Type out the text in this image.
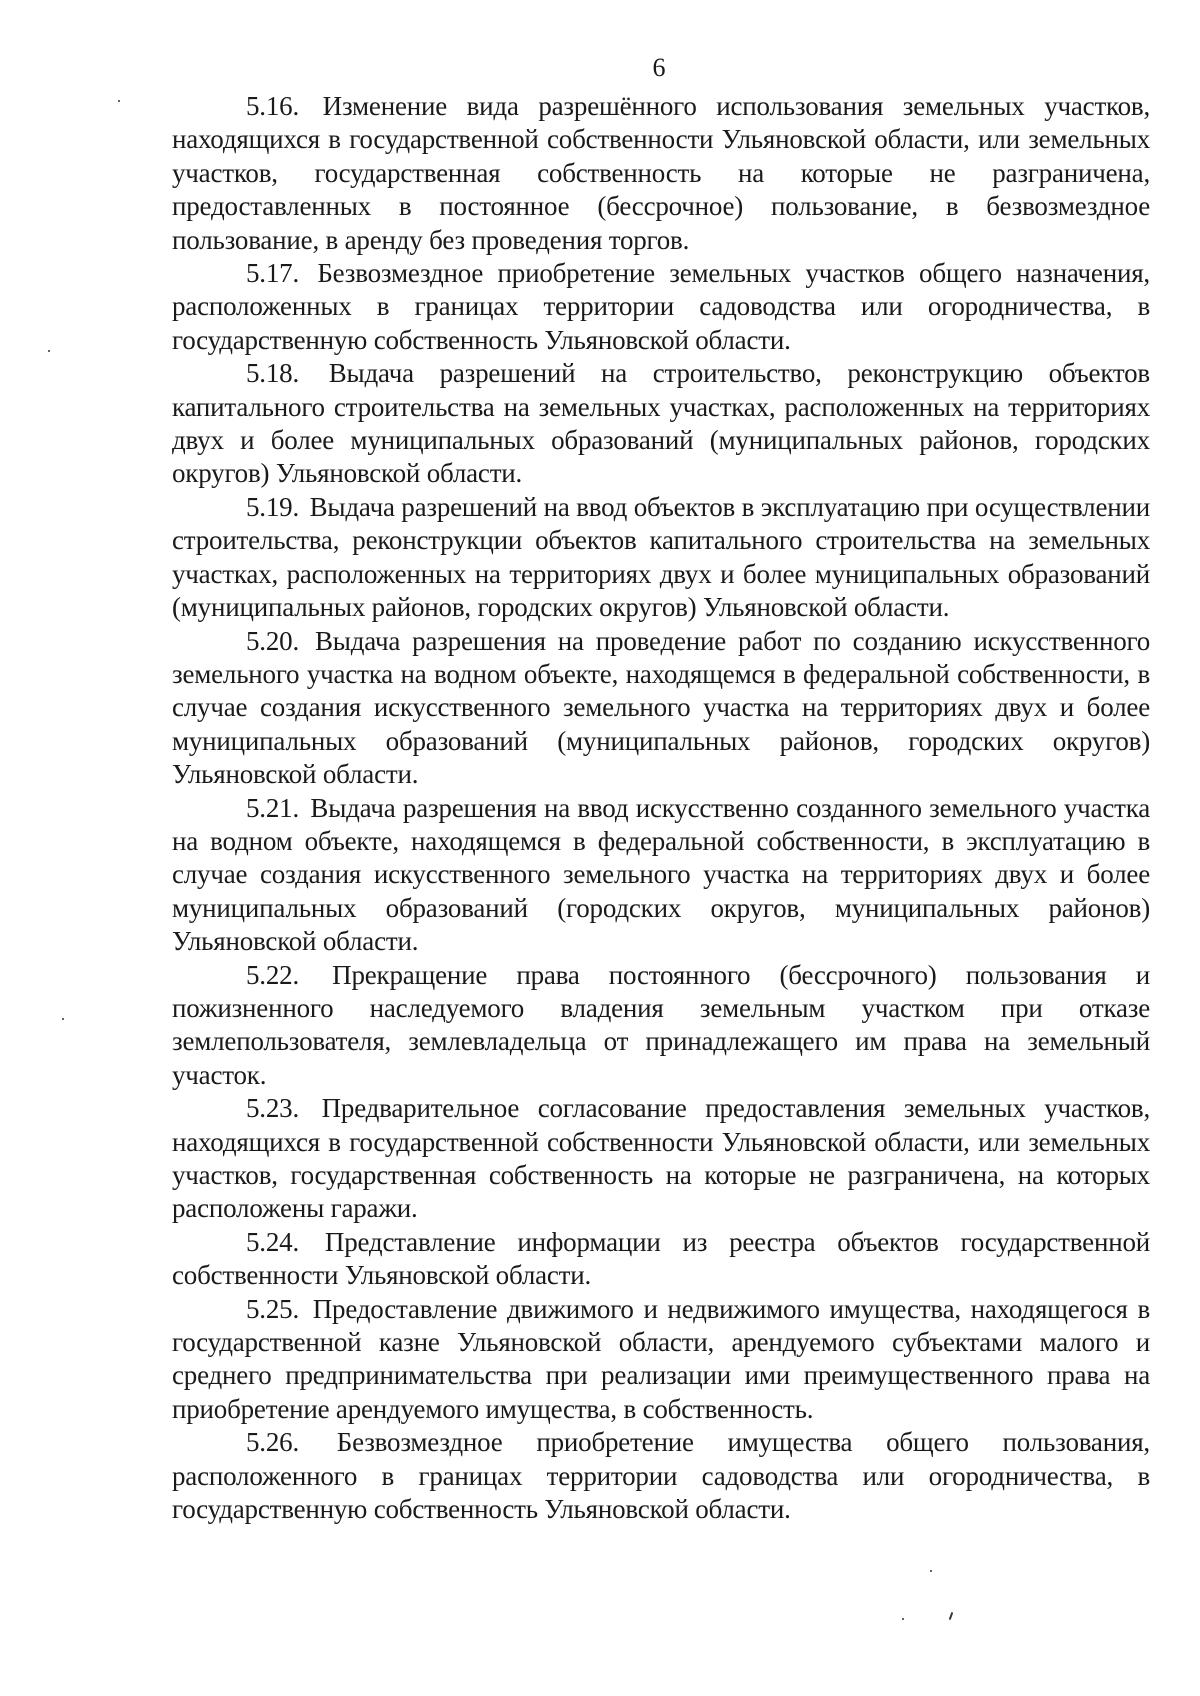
6

5.16. Изменение вида разрешённого использования земельных участков, находящихся в государственной собственности Ульяновской области, или земельных участков, государственная собственность на которые не разграничена, предоставленных в постоянное (бессрочное) пользование, в безвозмездное пользование, в аренду без проведения торгов.

5.17. Безвозмездное приобретение земельных участков общего назначения, расположенных в границах территории садоводства или огородничества, в государственную собственность Ульяновской области.

5.18. Выдача разрешений на строительство, реконструкцию объектов капитального строительства на земельных участках, расположенных на территориях двух и более муниципальных образований (муниципальных районов, городских округов) Ульяновской области.

5.19. Выдача разрешений на ввод объектов в эксплуатацию при осуществлении строительства, реконструкции объектов капитального строительства на земельных участках, расположенных на территориях двух и более муниципальных образований (муниципальных районов, городских округов) Ульяновской области.

5.20. Выдача разрешения на проведение работ по созданию искусственного земельного участка на водном объекте, находящемся в федеральной собственности, в случае создания искусственного земельного участка на территориях двух и более муниципальных образований (муниципальных районов, городских округов) Ульяновской области.

5.21. Выдача разрешения на ввод искусственно созданного земельного участка на водном объекте, находящемся в федеральной собственности, в эксплуатацию в случае создания искусственного земельного участка на территориях двух и более муниципальных образований (городских округов, муниципальных районов) Ульяновской области.

5.22. Прекращение права постоянного (бессрочного) пользования и пожизненного наследуемого владения земельным участком при отказе землепользователя, землевладельца от принадлежащего им права на земельный участок.

5.23. Предварительное согласование предоставления земельных участков, находящихся в государственной собственности Ульяновской области, или земельных участков, государственная собственность на которые не разграничена, на которых расположены гаражи.

5.24. Представление информации из реестра объектов государственной собственности Ульяновской области.

5.25. Предоставление движимого и недвижимого имущества, находящегося в государственной казне Ульяновской области, арендуемого субъектами малого и среднего предпринимательства при реализации ими преимущественного права на приобретение арендуемого имущества, в собственность.

5.26. Безвозмездное приобретение имущества общего пользования, расположенного в границах территории садоводства или огородничества, в государственную собственность Ульяновской области.
